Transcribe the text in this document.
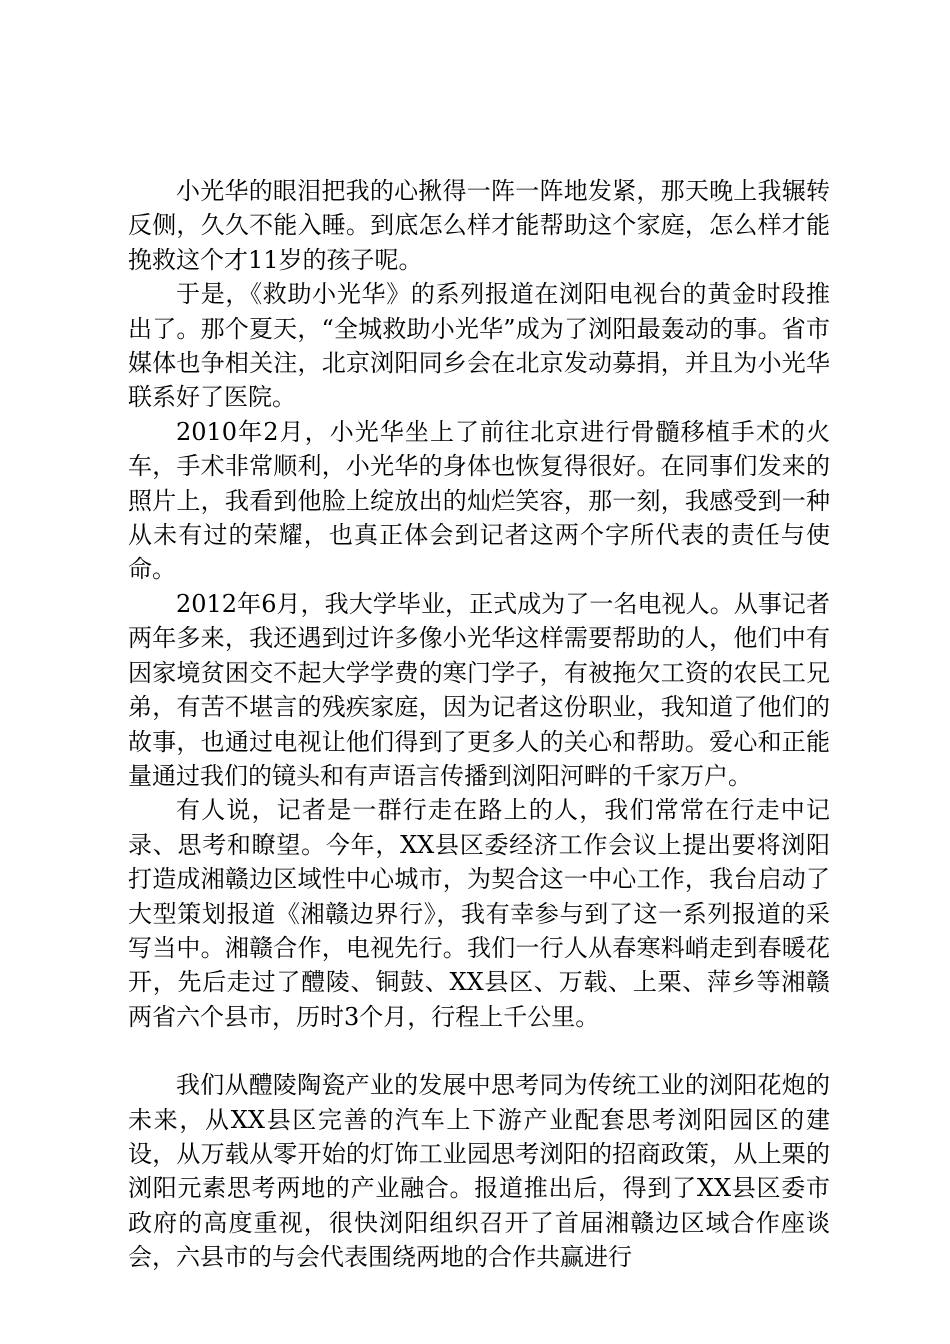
小光华的眼泪把我的心揪得一阵一阵地发紧，那天晚上我辗转反侧，久久不能入睡。到底怎么样才能帮助这个家庭，怎么样才能挽救这个才11岁的孩子呢。

于是，《救助小光华》的系列报道在浏阳电视台的黄金时段推出了。那个夏天，“全城救助小光华”成为了浏阳最轰动的事。省市媒体也争相关注，北京浏阳同乡会在北京发动募捐，并且为小光华联系好了医院。

2010年2月，小光华坐上了前往北京进行骨髓移植手术的火车，手术非常顺利，小光华的身体也恢复得很好。在同事们发来的照片上，我看到他脸上绽放出的灿烂笑容，那一刻，我感受到一种从未有过的荣耀，也真正体会到记者这两个字所代表的责任与使命。

2012年6月，我大学毕业，正式成为了一名电视人。从事记者两年多来，我还遇到过许多像小光华这样需要帮助的人，他们中有因家境贫困交不起大学学费的寒门学子，有被拖欠工资的农民工兄弟，有苦不堪言的残疾家庭，因为记者这份职业，我知道了他们的故事，也通过电视让他们得到了更多人的关心和帮助。爱心和正能量通过我们的镜头和有声语言传播到浏阳河畔的千家万户。

有人说，记者是一群行走在路上的人，我们常常在行走中记录、思考和瞭望。今年，XX县区委经济工作会议上提出要将浏阳打造成湘赣边区域性中心城市，为契合这一中心工作，我台启动了大型策划报道《湘赣边界行》，我有幸参与到了这一系列报道的采写当中。湘赣合作，电视先行。我们一行人从春寒料峭走到春暖花开，先后走过了醴陵、铜鼓、XX县区、万载、上栗、萍乡等湘赣两省六个县市，历时3个月，行程上千公里。

我们从醴陵陶瓷产业的发展中思考同为传统工业的浏阳花炮的未来，从XX县区完善的汽车上下游产业配套思考浏阳园区的建设，从万载从零开始的灯饰工业园思考浏阳的招商政策，从上栗的浏阳元素思考两地的产业融合。报道推出后，得到了XX县区委市政府的高度重视，很快浏阳组织召开了首届湘赣边区域合作座谈会，六县市的与会代表围绕两地的合作共赢进行
